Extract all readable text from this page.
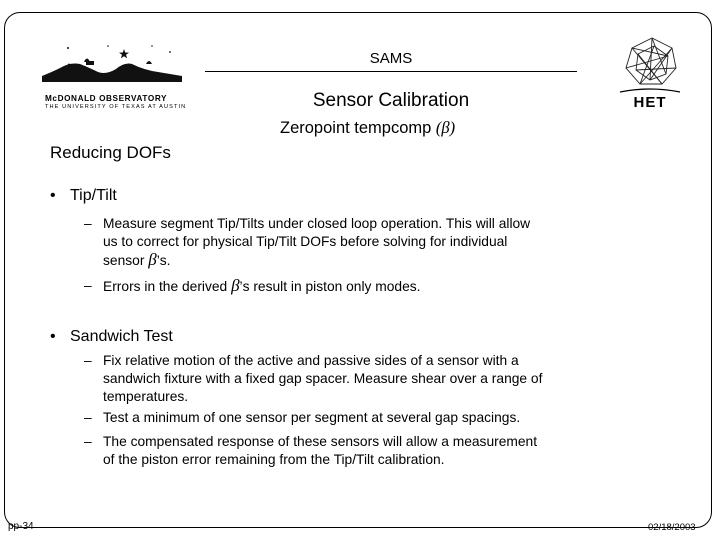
McDONALD OBSERVATORY
THE UNIVERSITY OF TEXAS AT AUSTIN	HET
SAMS
Sensor Calibration
Zeropoint tempcomp (β)
Reducing DOFs
• Tip/Tilt
– Measure segment Tip/Tilts under closed loop operation. This will allow
us to correct for physical Tip/Tilt DOFs before solving for individual
sensor β’s.
– Errors in the derived β’s result in piston only modes.
• Sandwich Test
– Fix relative motion of the active and passive sides of a sensor with a
sandwich fixture with a fixed gap spacer. Measure shear over a range of
temperatures.
– Test a minimum of one sensor per segment at several gap spacings.
– The compensated response of these sensors will allow a measurement
of the piston error remaining from the Tip/Tilt calibration.
pp-34	02/18/2003
